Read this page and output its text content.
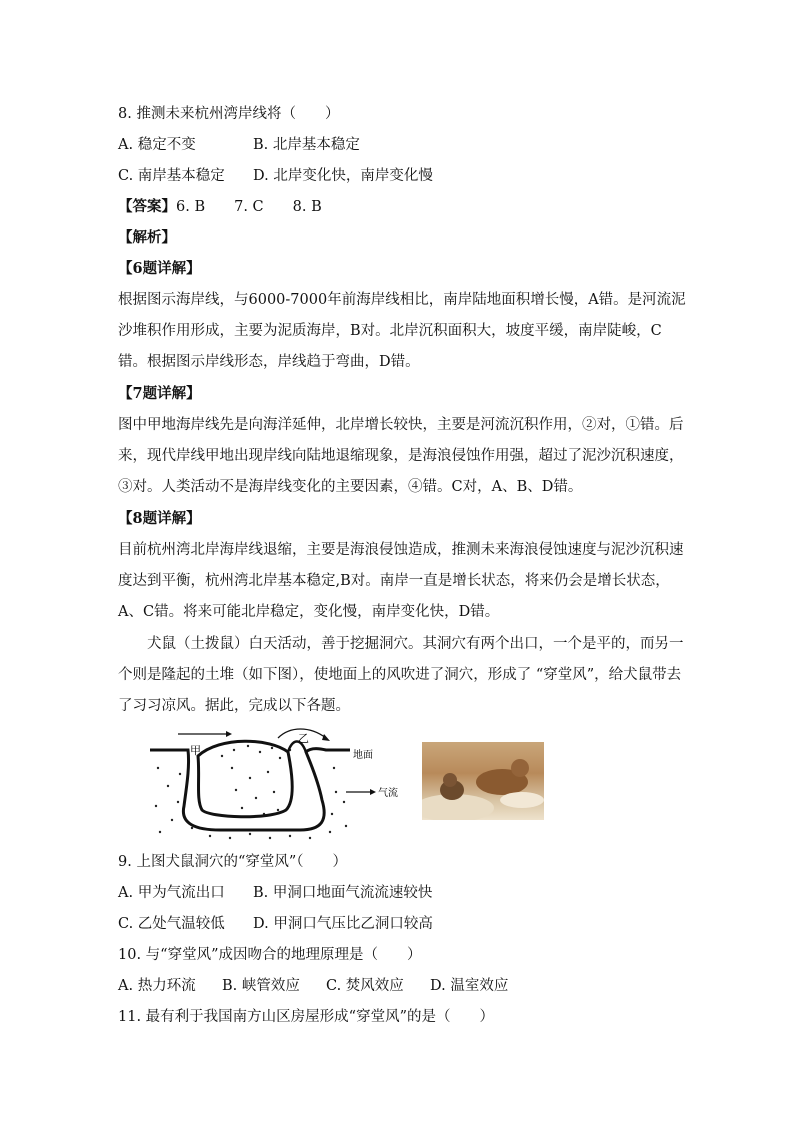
8. 推测未来杭州湾岸线将（　　）
A. 稳定不变	B. 北岸基本稳定
C. 南岸基本稳定 D. 北岸变化快，南岸变化慢
【答案】6. B　　7. C　　8. B
【解析】
【6题详解】
根据图示海岸线，与6000-7000年前海岸线相比，南岸陆地面积增长慢，A错。是河流泥沙堆积作用形成，主要为泥质海岸，B对。北岸沉积面积大，坡度平缓，南岸陡峻，C错。根据图示岸线形态，岸线趋于弯曲，D错。
【7题详解】
图中甲地海岸线先是向海洋延伸，北岸增长较快，主要是河流沉积作用，②对，①错。后来，现代岸线甲地出现岸线向陆地退缩现象，是海浪侵蚀作用强，超过了泥沙沉积速度，③对。人类活动不是海岸线变化的主要因素，④错。C对，A、B、D错。
【8题详解】
目前杭州湾北岸海岸线退缩，主要是海浪侵蚀造成，推测未来海浪侵蚀速度与泥沙沉积速度达到平衡，杭州湾北岸基本稳定,B对。南岸一直是增长状态，将来仍会是增长状态，A、C错。将来可能北岸稳定，变化慢，南岸变化快，D错。
犬鼠（土拨鼠）白天活动，善于挖掘洞穴。其洞穴有两个出口，一个是平的，而另一个则是隆起的土堆（如下图），使地面上的风吹进了洞穴，形成了 “穿堂风”，给犬鼠带去了习习凉风。据此，完成以下各题。
甲
乙
地面
气流
9. 上图犬鼠洞穴的“穿堂风”（　　）
A. 甲为气流出口 B. 甲洞口地面气流流速较快
C. 乙处气温较低 D. 甲洞口气压比乙洞口较高
10. 与“穿堂风”成因吻合的地理原理是（　　）
A. 热力环流 B. 峡管效应 C. 焚风效应 D. 温室效应
11. 最有利于我国南方山区房屋形成“穿堂风”的是（　　）
